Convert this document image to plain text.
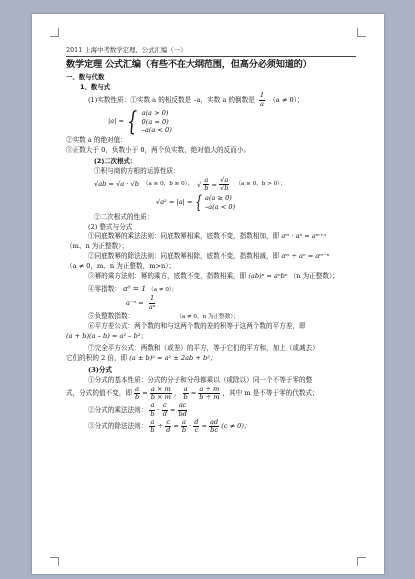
2011 上海中考数学定理、公式汇编（一）
数学定理 公式汇编（有些不在大纲范围，但高分必须知道的）
一、数与代数
1、数与式
(1)实数性质：①实数 a 的相反数是 –a，实数 a 的倒数是 $\frac{1}{a} (a \ne 0)$；
|a| = { a(a > 0)
0(a = 0)
–a(a < 0)
②实数 a 的绝对值：
③正数大于 0，负数小于 0，两个负实数，绝对值大的反而小。
(2)二次根式：
①积与商的方根的运算性质：
√ab = √a · √b （a ≥ 0，b ≥ 0）； √ $\frac{a}{b} = \frac{√a}{√b} (a \ge 0$，b > 0）；
√a² = |a| = { a(a ≥ 0)
–a(a < 0)
②二次根式的性质：
(2) 整式与分式
①同底数幂的乘法法则：同底数幂相乘，底数不变，指数相加，即 aᵐ · aⁿ = aᵐ⁺ⁿ
（m、n 为正整数）；
②同底数幂的除法法则：同底数幂相除，底数不变，指数相减，即 aᵐ ÷ aⁿ = aᵐ⁻ⁿ
（a ≠ 0，m、n 为正整数，m>n）；
③幂的乘方法则：幂的乘方，底数不变，指数相乘，即 (ab)ⁿ = aⁿbⁿ （n 为正整数）；
④零指数： a⁰ = 1 （a ≠ 0）；
$a^{-n} = \frac{1}{\text{aⁿ}}$
⑤负整数指数：	（a ≠ 0，n 为正整数）；
⑥平方差公式：两个数的和与这两个数的差的积等于这两个数的平方差，即
(a + b)(a – b) = a² – b²；
⑦完全平方公式：两数和（或差）的平方，等于它们的平方和，加上（或减去）
它们的积的 2 倍，即 (a ± b)² = a² ± 2ab + b²；
(3)分式
①分式的基本性质：分式的分子和分母都乘以（或除以）同一个不等于零的整
式，分式的值不变，即 $\frac{a}{b} = \frac{a \times m}{b \times m}$ ， $\frac{a}{b} = \frac{a \div m}{b \div m}$ ，其中 m 是不等于零的代数式；
②分式的乘法法则： $\frac{a}{b} \cdot \frac{c}{d} = \frac{ac}{bd}$
③分式的除法法则： $\frac{a}{b} \div \frac{c}{d} = \frac{a}{b} \cdot \frac{d}{c} = \frac{ad}{bc} (c \ne 0)$；
